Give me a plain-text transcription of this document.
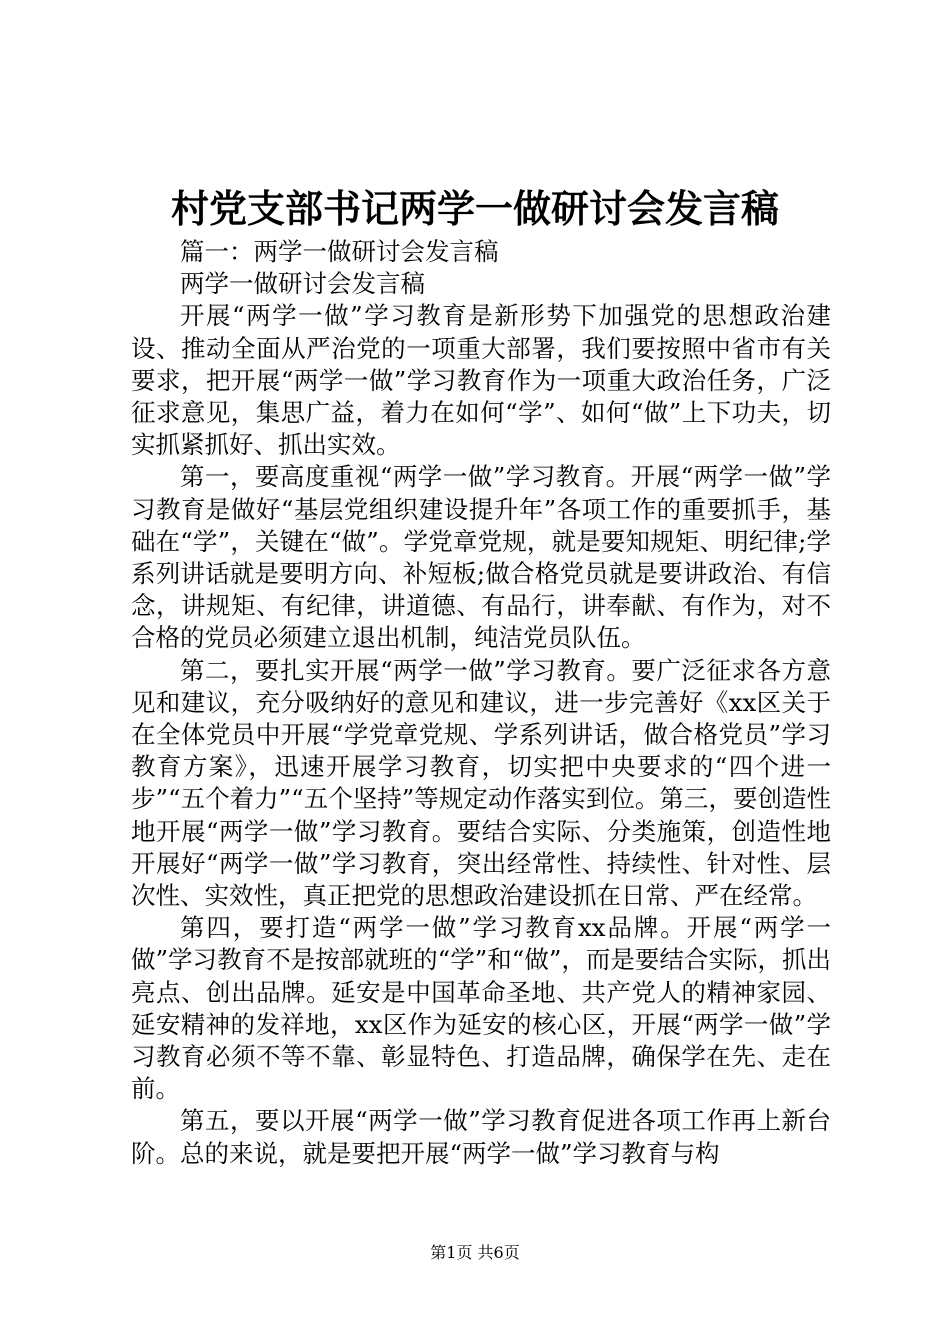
村党支部书记两学一做研讨会发言稿

篇一：两学一做研讨会发言稿

两学一做研讨会发言稿

开展“两学一做”学习教育是新形势下加强党的思想政治建设、推动全面从严治党的一项重大部署，我们要按照中省市有关要求，把开展“两学一做”学习教育作为一项重大政治任务，广泛征求意见，集思广益，着力在如何“学”、如何“做”上下功夫，切实抓紧抓好、抓出实效。

第一，要高度重视“两学一做”学习教育。开展“两学一做”学习教育是做好“基层党组织建设提升年”各项工作的重要抓手，基础在“学”，关键在“做”。学党章党规，就是要知规矩、明纪律;学系列讲话就是要明方向、补短板;做合格党员就是要讲政治、有信念，讲规矩、有纪律，讲道德、有品行，讲奉献、有作为，对不合格的党员必须建立退出机制，纯洁党员队伍。

第二，要扎实开展“两学一做”学习教育。要广泛征求各方意见和建议，充分吸纳好的意见和建议，进一步完善好《xx区关于在全体党员中开展“学党章党规、学系列讲话，做合格党员”学习教育方案》，迅速开展学习教育，切实把中央要求的“四个进一步”“五个着力”“五个坚持”等规定动作落实到位。第三，要创造性地开展“两学一做”学习教育。要结合实际、分类施策，创造性地开展好“两学一做”学习教育，突出经常性、持续性、针对性、层次性、实效性，真正把党的思想政治建设抓在日常、严在经常。

第四，要打造“两学一做”学习教育xx品牌。开展“两学一做”学习教育不是按部就班的“学”和“做”，而是要结合实际，抓出亮点、创出品牌。延安是中国革命圣地、共产党人的精神家园、延安精神的发祥地，xx区作为延安的核心区，开展“两学一做”学习教育必须不等不靠、彰显特色、打造品牌，确保学在先、走在前。

第五，要以开展“两学一做”学习教育促进各项工作再上新台阶。总的来说，就是要把开展“两学一做”学习教育与构

第1页 共6页
